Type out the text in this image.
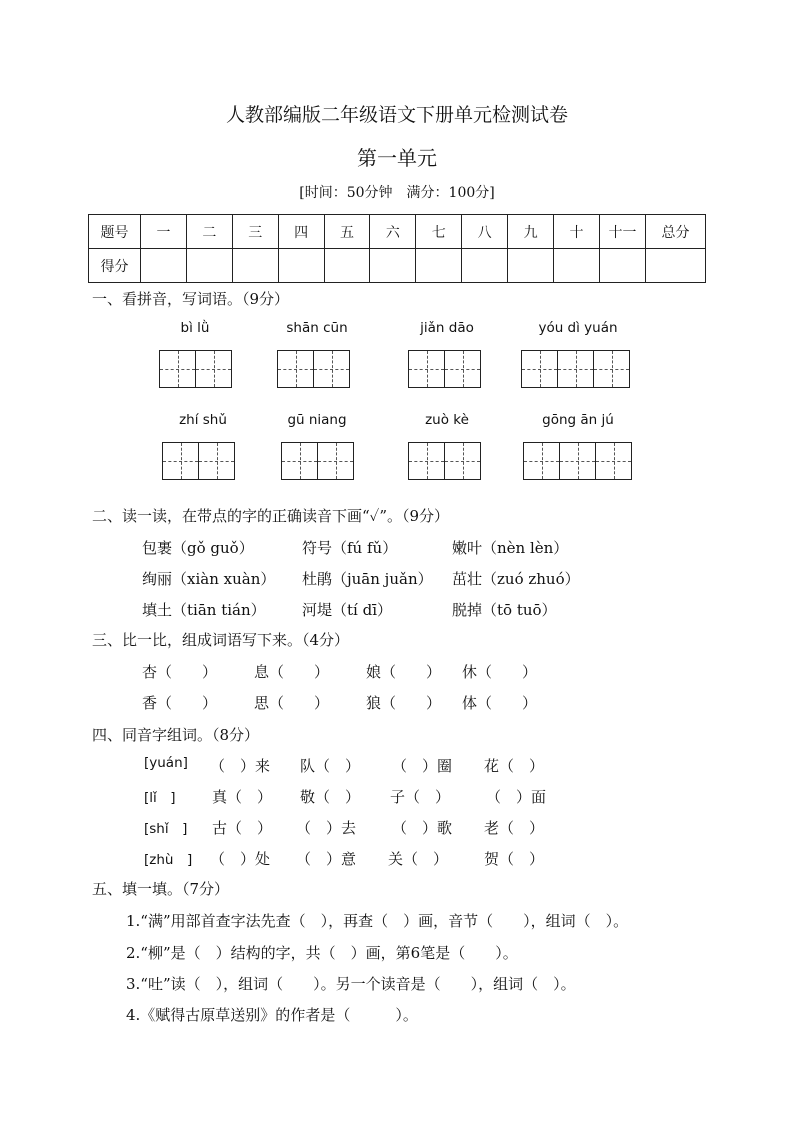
人教部编版二年级语文下册单元检测试卷
第一单元
[时间：50分钟　满分：100分]
题号	一	二	三	四	五	六	七	八	九	十	十一	总分
得分												
一、看拼音，写词语。（9分）
bì lǜ	shān cūn	jiǎn dāo	yóu dì yuán
zhí shǔ	gū niang	zuò kè	gōng ān jú
二、读一读，在带点的字的正确读音下画“✓”。（9分）
包裹（gǒ guǒ）	符号（fú fǔ）	嫩叶（nèn lèn）
绚丽（xiàn xuàn） 杜鹃（juān juǎn） 茁壮（zuó zhuó）
填土（tiān tián） 河堤（tí dī）	脱掉（tō tuō）
三、比一比，组成词语写下来。（4分）
杏（　　） 息（　　） 娘（　　） 休（　　）
香（　　） 思（　　） 狼（　　） 体（　　）
四、同音字组词。（8分）
[yuán] （　）来 队（　） （　）圈 花（　）
[lǐ　] 真（　） 敬（　） 子（　） （　）面
[shǐ　] 古（　） （　）去 （　）歌 老（　）
[zhù　] （　）处 （　）意 关（　） 贺（　）
五、填一填。（7分）
1.“满”用部首查字法先查（　），再查（　）画，音节（　　），组词（　）。
2.“柳”是（　）结构的字，共（　）画，第6笔是（　　）。
3.“吐”读（　），组词（　　）。另一个读音是（　　），组词（　）。
4.《赋得古原草送别》的作者是（　　　）。
